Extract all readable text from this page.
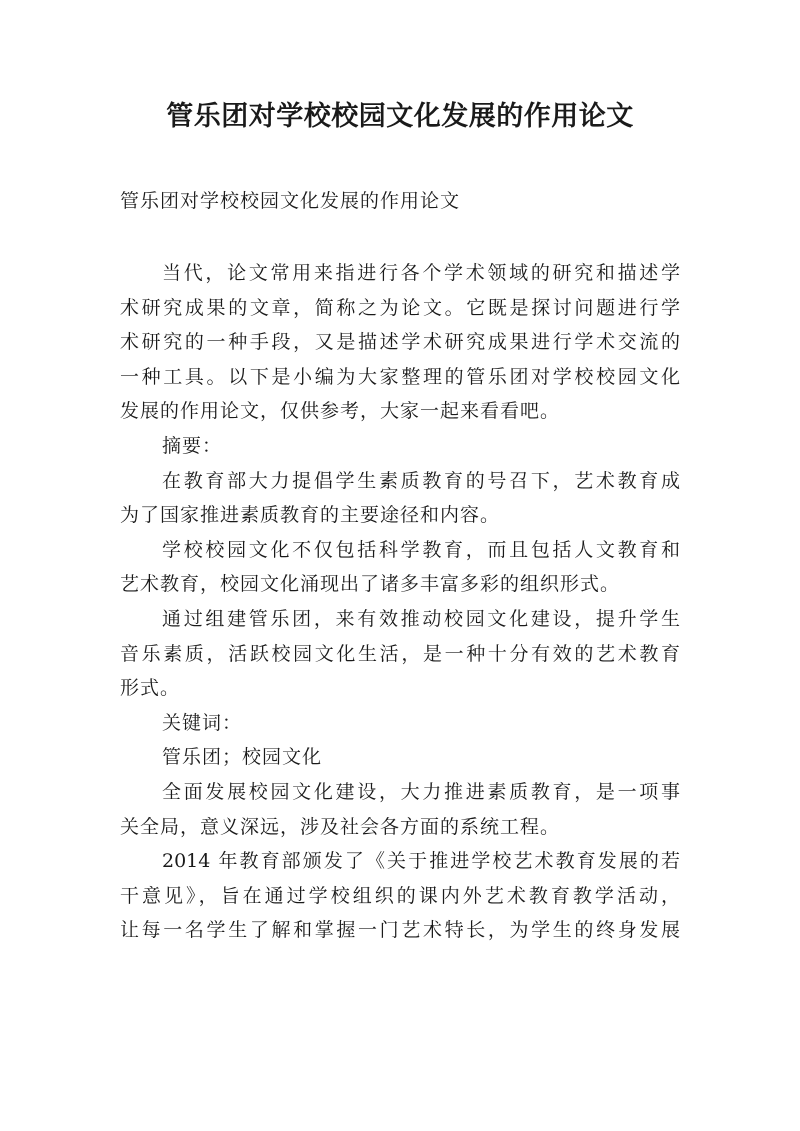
管乐团对学校校园文化发展的作用论文
管乐团对学校校园文化发展的作用论文
当代，论文常用来指进行各个学术领域的研究和描述学
术研究成果的文章，简称之为论文。它既是探讨问题进行学
术研究的一种手段，又是描述学术研究成果进行学术交流的
一种工具。以下是小编为大家整理的管乐团对学校校园文化
发展的作用论文，仅供参考，大家一起来看看吧。
摘要：
在教育部大力提倡学生素质教育的号召下，艺术教育成
为了国家推进素质教育的主要途径和内容。
学校校园文化不仅包括科学教育，而且包括人文教育和
艺术教育，校园文化涌现出了诸多丰富多彩的组织形式。
通过组建管乐团，来有效推动校园文化建设，提升学生
音乐素质，活跃校园文化生活，是一种十分有效的艺术教育
形式。
关键词：
管乐团；校园文化
全面发展校园文化建设，大力推进素质教育，是一项事
关全局，意义深远，涉及社会各方面的系统工程。
2014 年教育部颁发了《关于推进学校艺术教育发展的若
干意见》，旨在通过学校组织的课内外艺术教育教学活动，
让每一名学生了解和掌握一门艺术特长，为学生的终身发展
